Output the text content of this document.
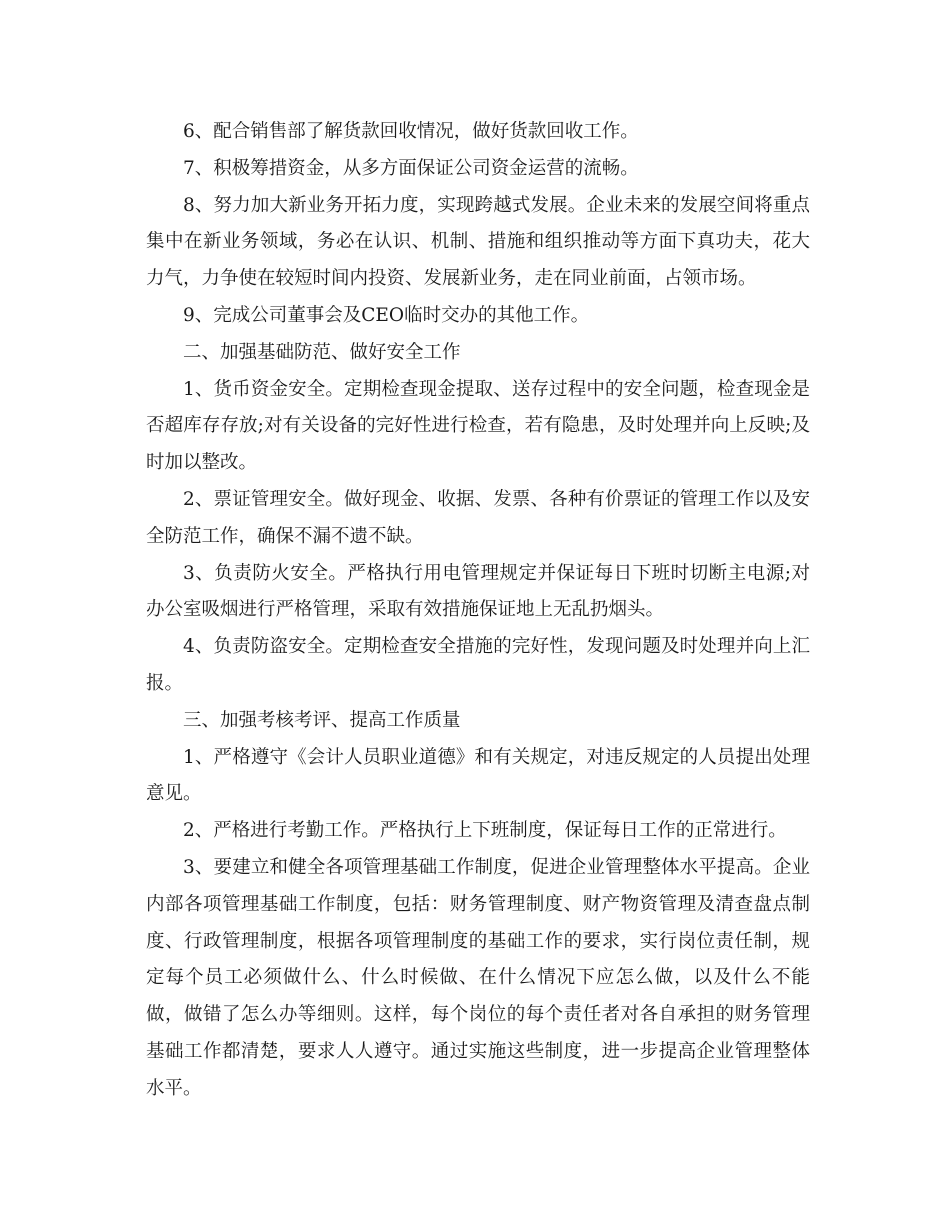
6、配合销售部了解货款回收情况，做好货款回收工作。

7、积极筹措资金，从多方面保证公司资金运营的流畅。

8、努力加大新业务开拓力度，实现跨越式发展。企业未来的发展空间将重点集中在新业务领域，务必在认识、机制、措施和组织推动等方面下真功夫，花大力气，力争使在较短时间内投资、发展新业务，走在同业前面，占领市场。

9、完成公司董事会及CEO临时交办的其他工作。

二、加强基础防范、做好安全工作

1、货币资金安全。定期检查现金提取、送存过程中的安全问题，检查现金是否超库存存放;对有关设备的完好性进行检查，若有隐患，及时处理并向上反映;及时加以整改。

2、票证管理安全。做好现金、收据、发票、各种有价票证的管理工作以及安全防范工作，确保不漏不遗不缺。

3、负责防火安全。严格执行用电管理规定并保证每日下班时切断主电源;对办公室吸烟进行严格管理，采取有效措施保证地上无乱扔烟头。

4、负责防盗安全。定期检查安全措施的完好性，发现问题及时处理并向上汇报。

三、加强考核考评、提高工作质量

1、严格遵守《会计人员职业道德》和有关规定，对违反规定的人员提出处理意见。

2、严格进行考勤工作。严格执行上下班制度，保证每日工作的正常进行。

3、要建立和健全各项管理基础工作制度，促进企业管理整体水平提高。企业内部各项管理基础工作制度，包括：财务管理制度、财产物资管理及清查盘点制度、行政管理制度，根据各项管理制度的基础工作的要求，实行岗位责任制，规定每个员工必须做什么、什么时候做、在什么情况下应怎么做，以及什么不能做，做错了怎么办等细则。这样，每个岗位的每个责任者对各自承担的财务管理基础工作都清楚，要求人人遵守。通过实施这些制度，进一步提高企业管理整体水平。
